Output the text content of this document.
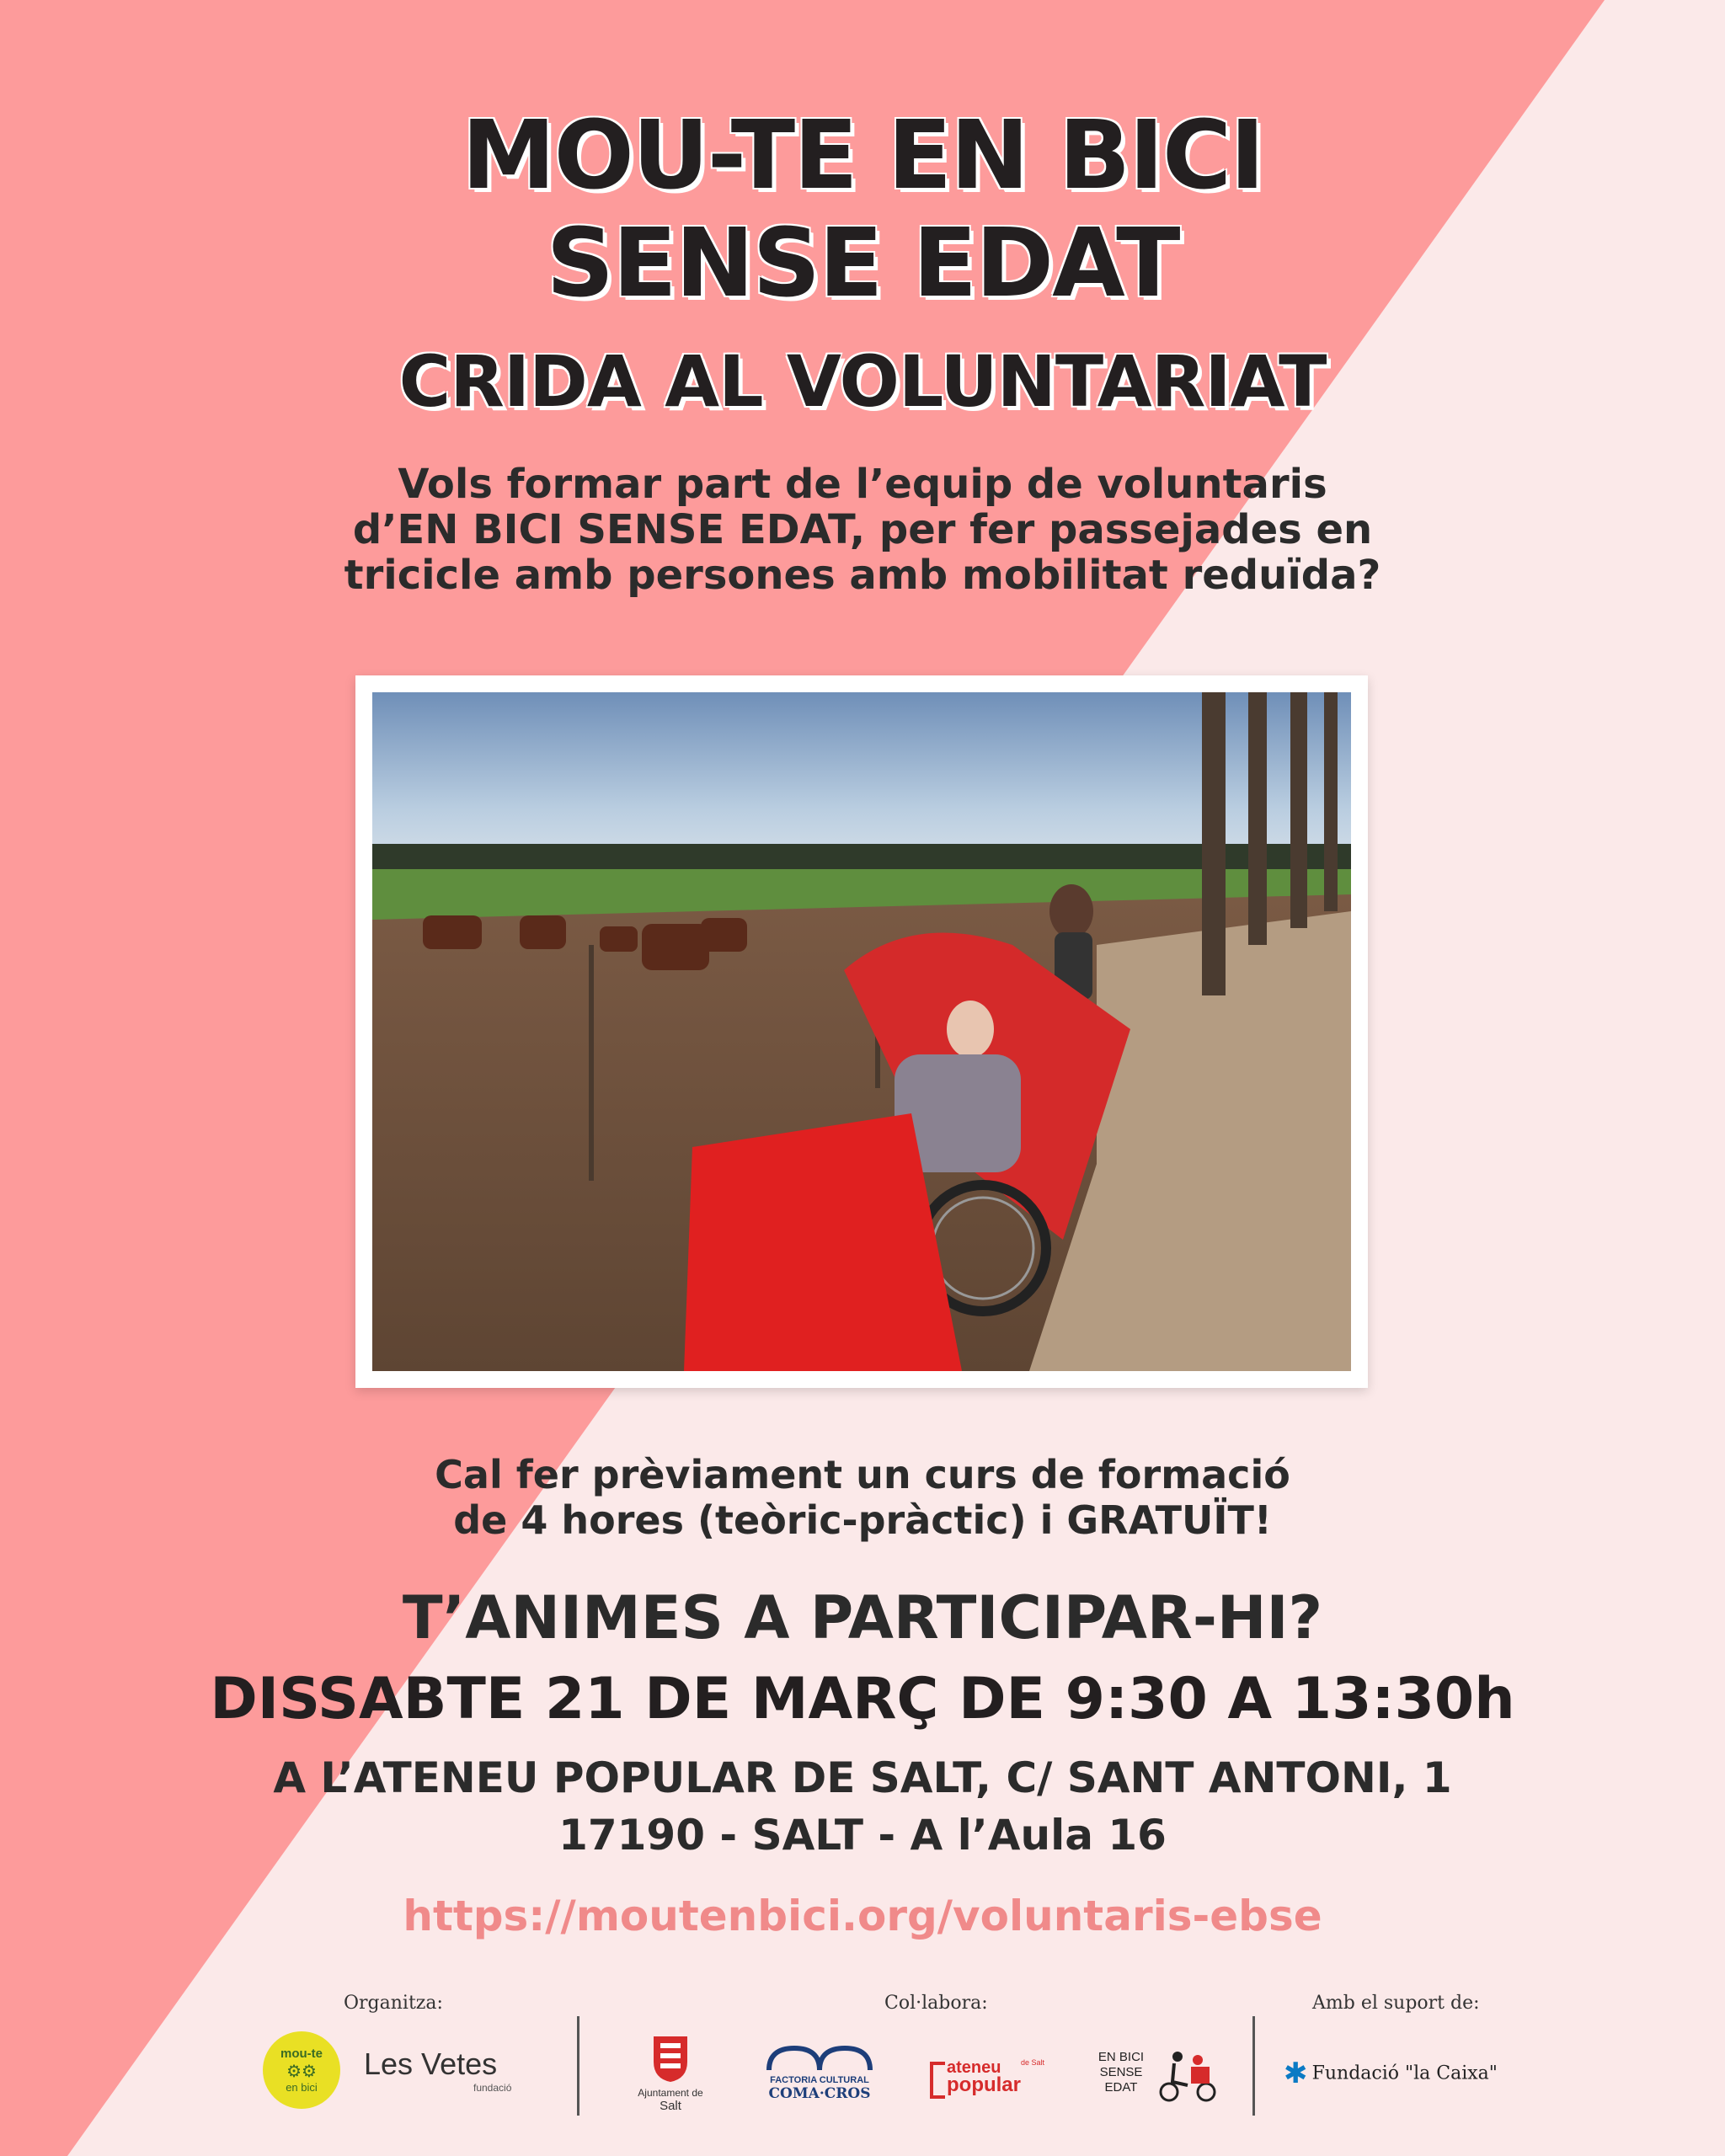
MOU-TE EN BICI
SENSE EDAT
CRIDA AL VOLUNTARIAT
Vols formar part de l’equip de voluntaris
d’EN BICI SENSE EDAT, per fer passejades en
tricicle amb persones amb mobilitat reduïda?
Cal fer prèviament un curs de formació
de 4 hores (teòric-pràctic) i GRATUÏT!
T’ANIMES A PARTICIPAR-HI?
DISSABTE 21 DE MARÇ DE 9:30 A 13:30h
A L’ATENEU POPULAR DE SALT, C/ SANT ANTONI, 1
17190 - SALT - A l’Aula 16
https://moutenbici.org/voluntaris-ebse
Organitza:	Col·labora:	Amb el suport de:
mou-te
⚙⚙
en bici
Les Vetes
fundació	Ajuntament de
Salt
FACTORIA CULTURAL
COMA·CROS
ateneu
popular
de Salt	EN BICI
SENSE
EDAT	✱ Fundació "la Caixa"
